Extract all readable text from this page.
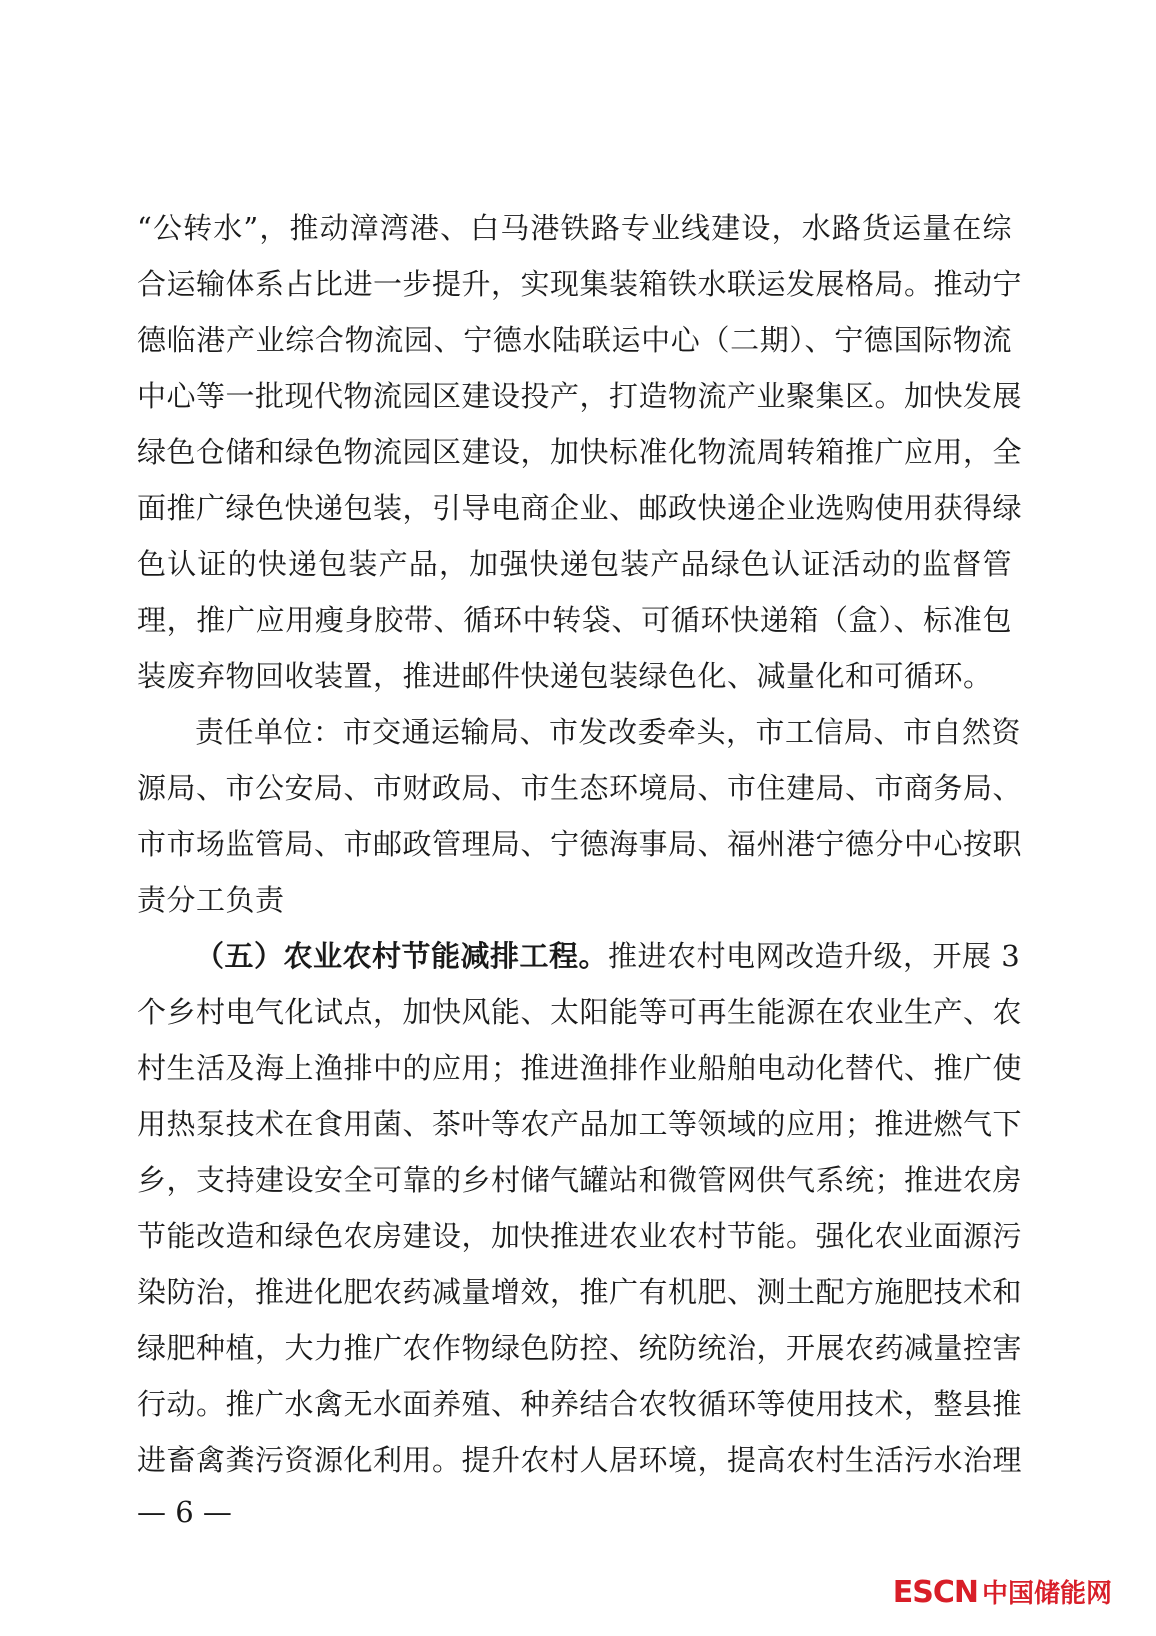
“公转水”，推动漳湾港、白马港铁路专业线建设，水路货运量在综
合运输体系占比进一步提升，实现集装箱铁水联运发展格局。推动宁
德临港产业综合物流园、宁德水陆联运中心（二期）、宁德国际物流
中心等一批现代物流园区建设投产，打造物流产业聚集区。加快发展
绿色仓储和绿色物流园区建设，加快标准化物流周转箱推广应用，全
面推广绿色快递包装，引导电商企业、邮政快递企业选购使用获得绿
色认证的快递包装产品，加强快递包装产品绿色认证活动的监督管
理，推广应用瘦身胶带、循环中转袋、可循环快递箱（盒）、标准包
装废弃物回收装置，推进邮件快递包装绿色化、减量化和可循环。
责任单位：市交通运输局、市发改委牵头，市工信局、市自然资
源局、市公安局、市财政局、市生态环境局、市住建局、市商务局、
市市场监管局、市邮政管理局、宁德海事局、福州港宁德分中心按职
责分工负责
（五）农业农村节能减排工程。 推进农村电网改造升级，开展 3
个乡村电气化试点，加快风能、太阳能等可再生能源在农业生产、农
村生活及海上渔排中的应用；推进渔排作业船舶电动化替代、推广使
用热泵技术在食用菌、茶叶等农产品加工等领域的应用；推进燃气下
乡，支持建设安全可靠的乡村储气罐站和微管网供气系统；推进农房
节能改造和绿色农房建设，加快推进农业农村节能。强化农业面源污
染防治，推进化肥农药减量增效，推广有机肥、测土配方施肥技术和
绿肥种植，大力推广农作物绿色防控、统防统治，开展农药减量控害
行动。推广水禽无水面养殖、种养结合农牧循环等使用技术，整县推
进畜禽粪污资源化利用。提升农村人居环境，提高农村生活污水治理
— 6 —
ESCN 中国储能网
